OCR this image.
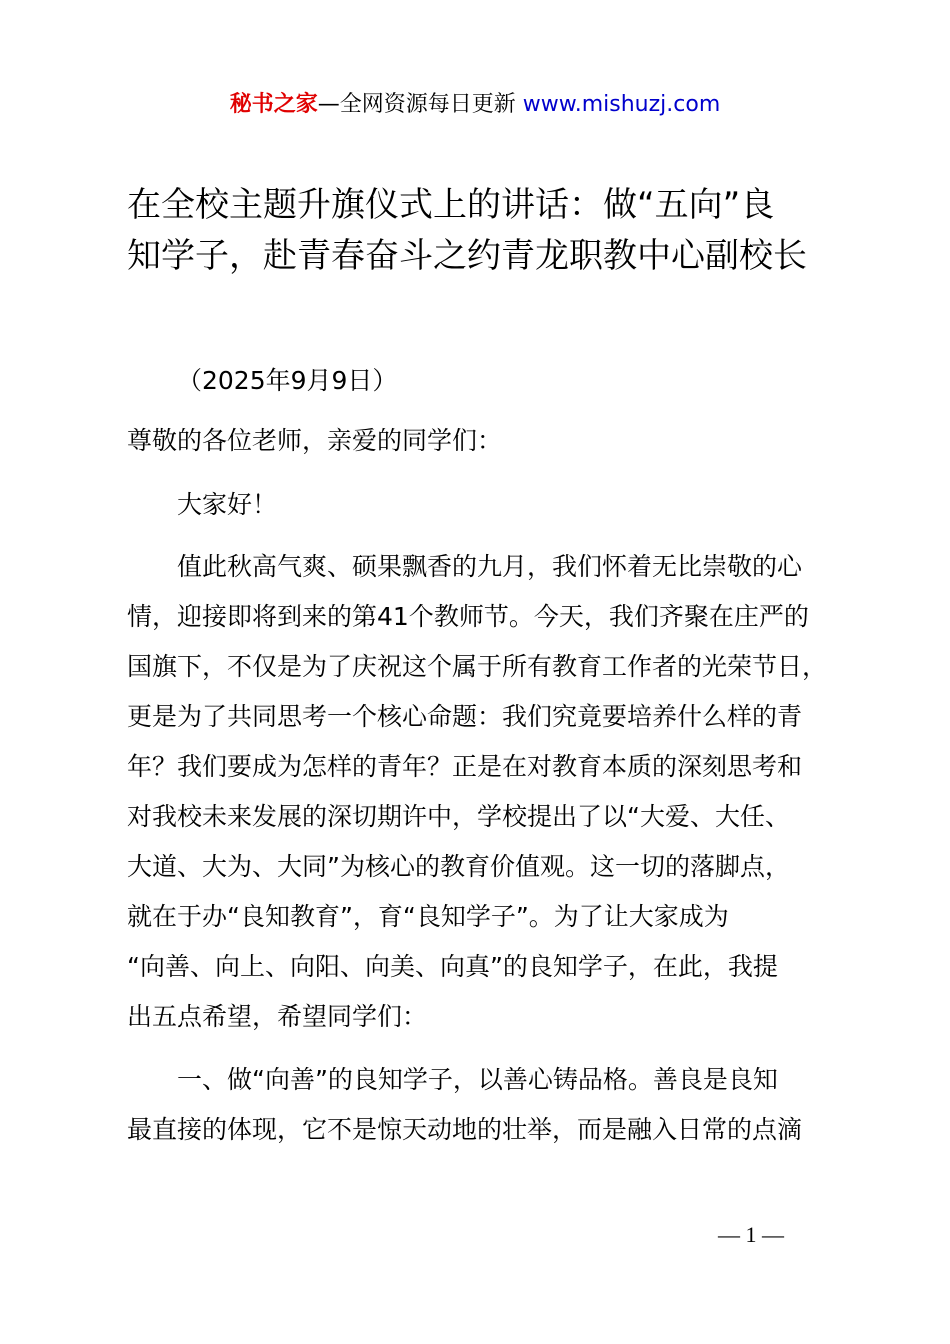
秘书之家—全网资源每日更新 www.mishuzj.com
在全校主题升旗仪式上的讲话：做“五向”良
知学子，赴青春奋斗之约青龙职教中心副校长
（2025年9月9日）
尊敬的各位老师，亲爱的同学们：
大家好！
值此秋高气爽、硕果飘香的九月，我们怀着无比崇敬的心
情，迎接即将到来的第41个教师节。今天，我们齐聚在庄严的
国旗下，不仅是为了庆祝这个属于所有教育工作者的光荣节日，
更是为了共同思考一个核心命题：我们究竟要培养什么样的青
年？我们要成为怎样的青年？正是在对教育本质的深刻思考和
对我校未来发展的深切期许中，学校提出了以“大爱、大任、
大道、大为、大同”为核心的教育价值观。这一切的落脚点，
就在于办“良知教育”，育“良知学子”。为了让大家成为
“向善、向上、向阳、向美、向真”的良知学子，在此，我提
出五点希望，希望同学们：
一、做“向善”的良知学子，以善心铸品格。善良是良知
最直接的体现，它不是惊天动地的壮举，而是融入日常的点滴
— 1 —
